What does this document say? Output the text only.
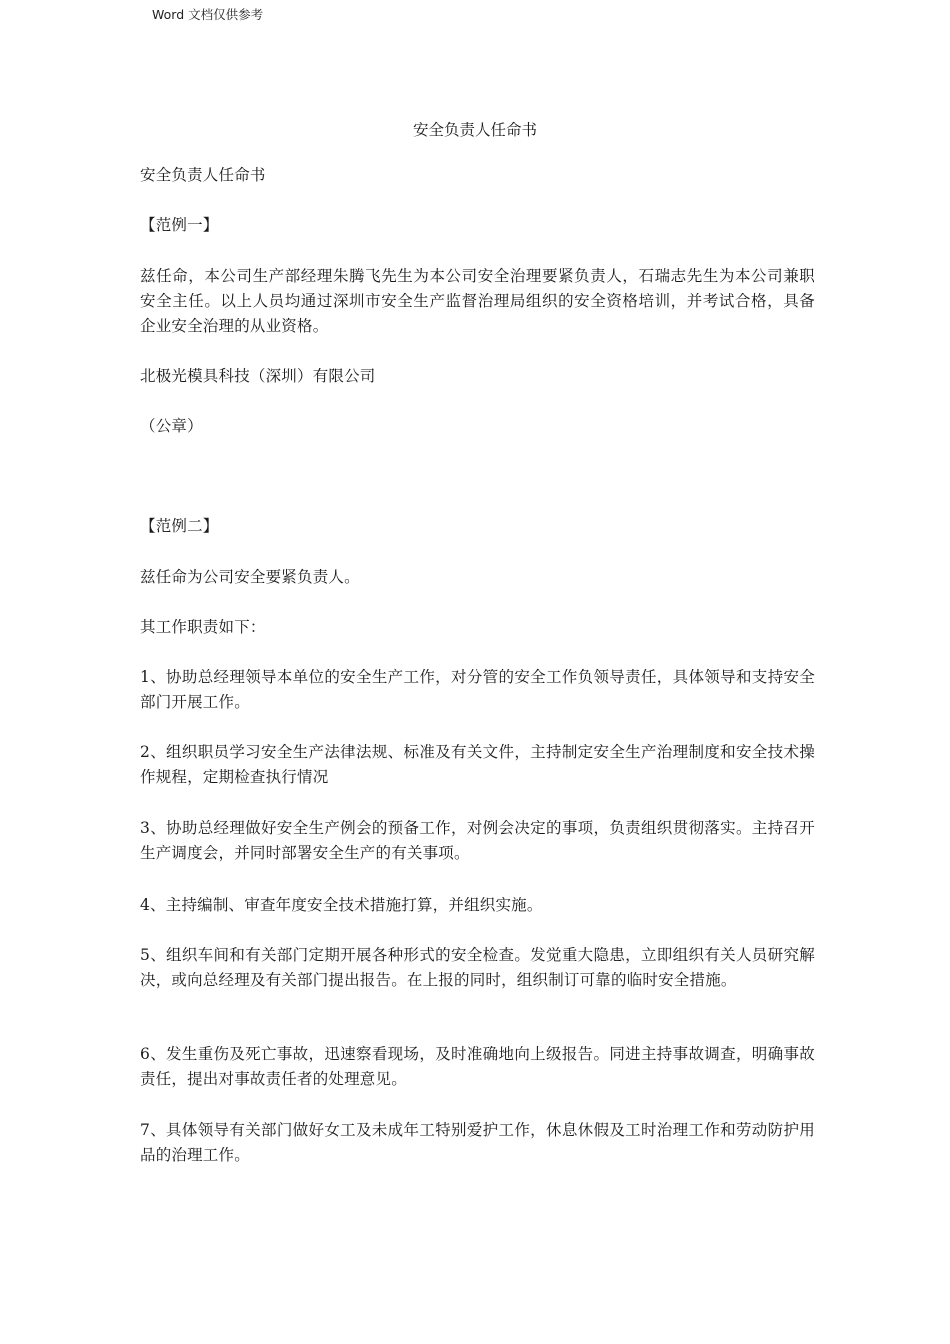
Word 文档仅供参考
安全负责人任命书

安全负责人任命书

【范例一】

兹任命，本公司生产部经理朱腾飞先生为本公司安全治理要紧负责人，石瑞志先生为本公司兼职安全主任。以上人员均通过深圳市安全生产监督治理局组织的安全资格培训，并考试合格，具备企业安全治理的从业资格。

北极光模具科技（深圳）有限公司

（公章）

【范例二】

兹任命为公司安全要紧负责人。

其工作职责如下：

1、协助总经理领导本单位的安全生产工作，对分管的安全工作负领导责任，具体领导和支持安全部门开展工作。

2、组织职员学习安全生产法律法规、标准及有关文件，主持制定安全生产治理制度和安全技术操作规程，定期检查执行情况

3、协助总经理做好安全生产例会的预备工作，对例会决定的事项，负责组织贯彻落实。主持召开生产调度会，并同时部署安全生产的有关事项。

4、主持编制、审查年度安全技术措施打算，并组织实施。

5、组织车间和有关部门定期开展各种形式的安全检查。发觉重大隐患，立即组织有关人员研究解决，或向总经理及有关部门提出报告。在上报的同时，组织制订可靠的临时安全措施。

6、发生重伤及死亡事故，迅速察看现场，及时准确地向上级报告。同进主持事故调查，明确事故责任，提出对事故责任者的处理意见。

7、具体领导有关部门做好女工及未成年工特别爱护工作，休息休假及工时治理工作和劳动防护用品的治理工作。
